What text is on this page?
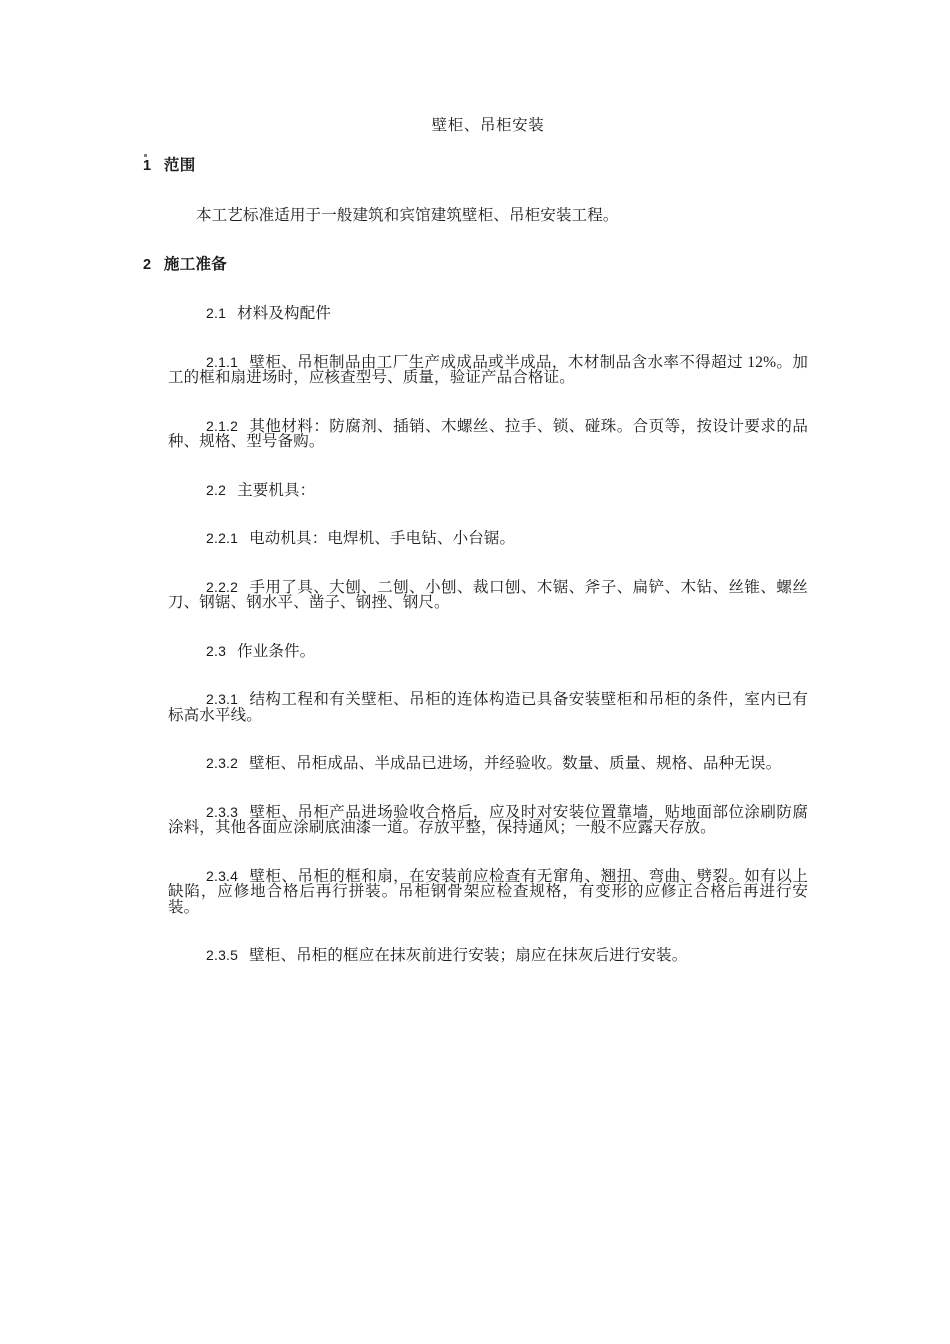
壁柜、吊柜安装
1 范围
本工艺标准适用于一般建筑和宾馆建筑壁柜、吊柜安装工程。
2 施工准备
2.1 材料及构配件
2.1.1 壁柜、吊柜制品由工厂生产成成品或半成品，木材制品含水率不得超过 12%。加工的框和扇进场时，应核查型号、质量，验证产品合格证。
2.1.2 其他材料：防腐剂、插销、木螺丝、拉手、锁、碰珠。合页等，按设计要求的品种、规格、型号备购。
2.2 主要机具：
2.2.1 电动机具：电焊机、手电钻、小台锯。
2.2.2 手用了具、大刨、二刨、小刨、裁口刨、木锯、斧子、扁铲、木钻、丝锥、螺丝刀、钢锯、钢水平、凿子、钢挫、钢尺。
2.3 作业条件。
2.3.1 结构工程和有关壁柜、吊柜的连体构造已具备安装壁柜和吊柜的条件，室内已有标高水平线。
2.3.2 壁柜、吊柜成品、半成品已进场，并经验收。数量、质量、规格、品种无误。
2.3.3 壁柜、吊柜产品进场验收合格后，应及时对安装位置靠墙，贴地面部位涂刷防腐涂料，其他各面应涂刷底油漆一道。存放平整，保持通风；一般不应露天存放。
2.3.4 壁柜、吊柜的框和扇，在安装前应检查有无窜角、翘扭、弯曲、劈裂。如有以上缺陷，应修地合格后再行拼装。吊柜钢骨架应检查规格，有变形的应修正合格后再进行安装。
2.3.5 壁柜、吊柜的框应在抹灰前进行安装；扇应在抹灰后进行安装。
